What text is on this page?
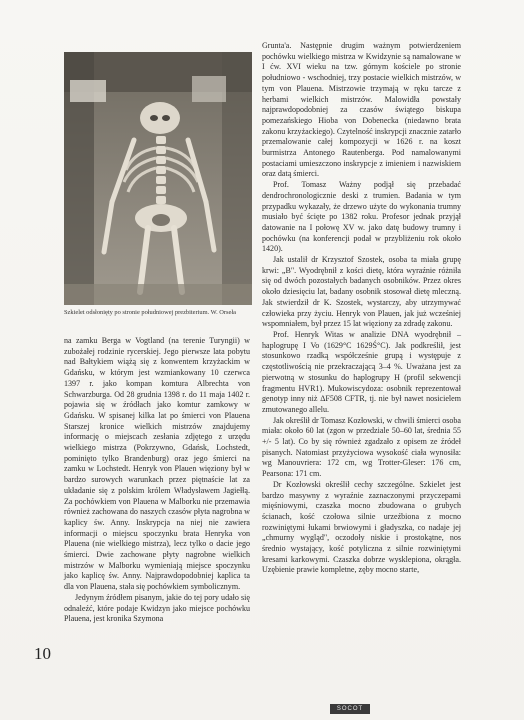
Szkielet odsłonięty po stronie południowej prezbiterium. W. Orseła

na zamku Berga w Vogtland (na terenie Turyngii) w zubożałej rodzinie rycerskiej. Jego pierwsze lata pobytu nad Bałtykiem wiążą się z konwentem krzyżackim w Gdańsku, w którym jest wzmiankowany 10 czerwca 1397 r. jako kompan komtura Albrechta von Schwarzburga. Od 28 grudnia 1398 r. do 11 maja 1402 r. pojawia się w źródłach jako komtur zamkowy w Gdańsku. W spisanej kilka lat po śmierci von Plauena Starszej kronice wielkich mistrzów znajdujemy informację o miejscach zesłania zdjętego z urzędu wielkiego mistrza (Pokrzywno, Gdańsk, Lochstedt, pominięto tylko Brandenburg) oraz jego śmierci na zamku w Lochstedt. Henryk von Plauen więziony był w bardzo surowych warunkach przez piętnaście lat za układanie się z polskim królem Władysławem Jagiełłą. Za pochówkiem von Plauena w Malborku nie przemawia również zachowana do naszych czasów płyta nagrobna w kaplicy św. Anny. Inskrypcja na niej nie zawiera informacji o miejscu spoczynku brata Henryka von Plauena (nie wielkiego mistrza), lecz tylko o dacie jego śmierci. Dwie zachowane płyty nagrobne wielkich mistrzów w Malborku wymieniają miejsce spoczynku jako kaplicę św. Anny. Najprawdopodobniej kaplica ta dla von Plauena, stała się pochówkiem symbolicznym.

Jedynym źródłem pisanym, jakie do tej pory udało się odnaleźć, które podaje Kwidzyn jako miejsce pochówku Plauena, jest kronika Szymona

Grunta'a. Następnie drugim ważnym potwierdzeniem pochówku wielkiego mistrza w Kwidzynie są namalowane w I ćw. XVI wieku na tzw. górnym kościele po stronie południowo - wschodniej, trzy postacie wielkich mistrzów, w tym von Plauena. Mistrzowie trzymają w ręku tarcze z herbami wielkich mistrzów. Malowidła powstały najprawdopodobniej za czasów świątego biskupa pomezańskiego Hioba von Dobenecka (niedawno brata zakonu krzyżackiego). Czytelność inskrypcji znacznie zatarło przemalowanie całej kompozycji w 1626 r. na koszt burmistrza Antonego Rautenberga. Pod namalowanymi postaciami umieszczono inskrypcje z imieniem i nazwiskiem oraz datą śmierci.

Prof. Tomasz Ważny podjął się przebadać dendrochronologicznie deski z trumien. Badania w tym przypadku wykazały, że drzewo użyte do wykonania trumny musiało być ścięte po 1382 roku. Profesor jednak przyjął datowanie na I połowę XV w. jako datę budowy trumny i pochówku (na konferencji podał w przybliżeniu rok około 1420).

Jak ustalił dr Krzysztof Szostek, osoba ta miała grupę krwi: „B". Wyodrębnił z kości dietę, która wyraźnie różniła się od dwóch pozostałych badanych osobników. Przez okres około dziesięciu lat, badany osobnik stosował dietę mleczną. Jak stwierdził dr K. Szostek, wystarczy, aby utrzymywać człowieka przy życiu. Henryk von Plauen, jak już wcześniej wspomniałem, był przez 15 lat więziony za zdradę zakonu.

Prof. Henryk Witas w analizie DNA wyodrębnił – haplogrupę I Vo (1629°C 1629Ś°C). Jak podkreślił, jest stosunkowo rzadką współcześnie grupą i występuje z częstotliwością nie przekraczającą 3–4 %. Uważana jest za pierwotną w stosunku do haplogrupy H (profil sekwencji fragmentu HVR1). Mukowiscydoza: osobnik reprezentował genotyp inny niż ΔF508 CFTR, tj. nie był nawet nosicielem zmutowanego allelu.

Jak określił dr Tomasz Kozłowski, w chwili śmierci osoba miała: około 60 lat (zgon w przedziale 50–60 lat, średnia 55 +/- 5 lat). Co by się również zgadzało z opisem ze źródeł pisanych. Natomiast przyżyciowa wysokość ciała wynosiła: wg Manouvriera: 172 cm, wg Trotter-Gleser: 176 cm, Pearsona: 171 cm.

Dr Kozłowski określił cechy szczególne. Szkielet jest bardzo masywny z wyraźnie zaznaczonymi przyczepami mięśniowymi, czaszka mocno zbudowana o grubych ścianach, kość czołowa silnie urzeźbiona z mocno rozwiniętymi łukami brwiowymi i gładyszka, co nadaje jej „chmurny wygląd", oczodoły niskie i prostokątne, nos średnio wystający, kość potyliczna z silnie rozwiniętymi kresami karkowymi. Czaszka dobrze wysklepiona, okrągła. Uzębienie prawie kompletne, zęby mocno starte,

10
SOCOT
